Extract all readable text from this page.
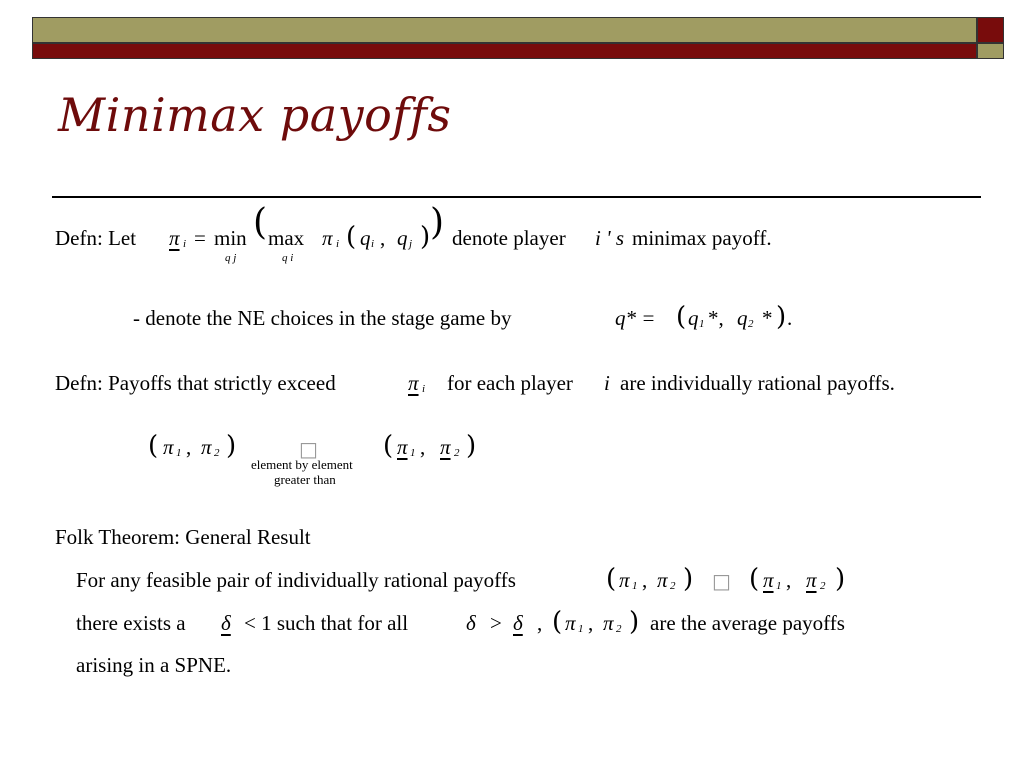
Minimax payoffs
Defn: Let π i = min
q j
( max
q i
π i ( q i , q j ) ) denote player i ' s minimax payoff.
- denote the NE choices in the stage game by	q* = ( q 1 *, q 2 * ) .
Defn: Payoffs that strictly exceed	π i for each player i are individually rational payoffs.
( π 1 , π 2 )	□
element by element
greater than
( π 1 , π 2 )
Folk Theorem: General Result
For any feasible pair of individually rational payoffs	( π 1 , π 2 ) □ ( π 1 , π 2 )
there exists a δ < 1 such that for all	δ > δ , ( π 1 , π 2 ) are the average payoffs
arising in a SPNE.
